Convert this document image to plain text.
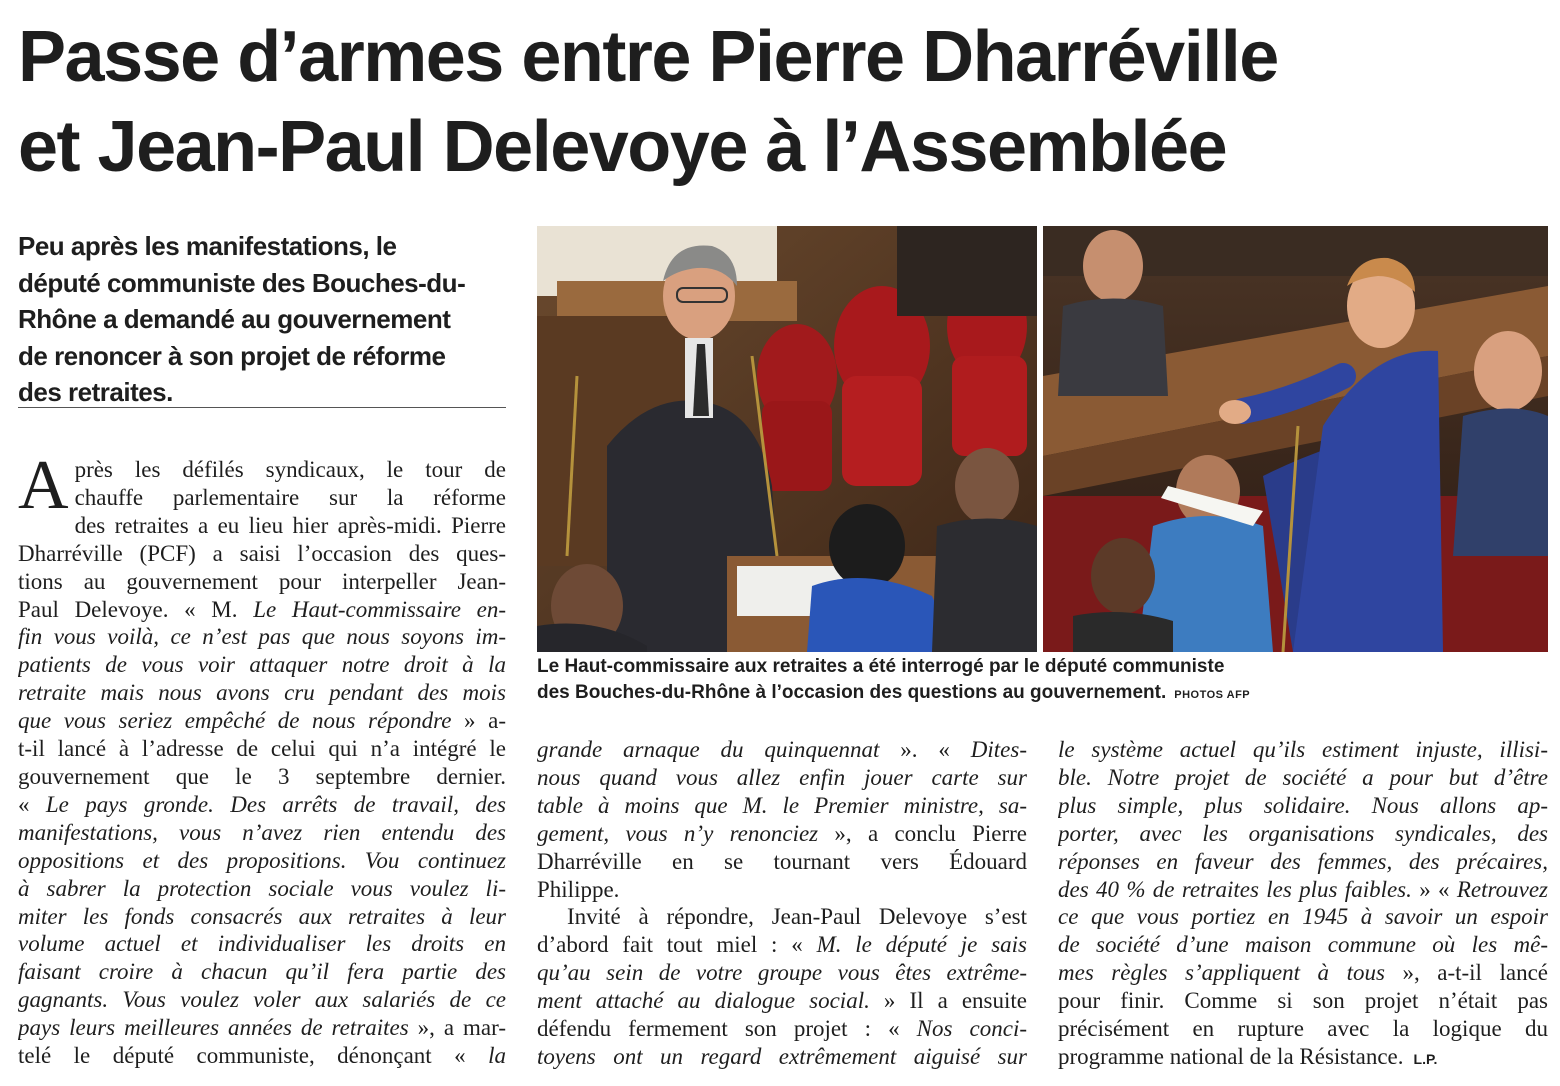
Passe d’armes entre Pierre Dharréville
et Jean-Paul Delevoye à l’Assemblée
Peu après les manifestations, le
député communiste des Bouches-du-
Rhône a demandé au gouvernement
de renoncer à son projet de réforme
des retraites.
Le Haut-commissaire aux retraites a été interrogé par le député communiste
des Bouches-du-Rhône à l’occasion des questions au gouvernement. PHOTOS AFP
A près les défilés syndicaux, le tour de
chauffe parlementaire sur la réforme
des retraites a eu lieu hier après-midi. Pierre
Dharréville (PCF) a saisi l’occasion des ques-
tions au gouvernement pour interpeller Jean-
Paul Delevoye. « M. Le Haut-commissaire en-
fin vous voilà, ce n’est pas que nous soyons im-
patients de vous voir attaquer notre droit à la
retraite mais nous avons cru pendant des mois
que vous seriez empêché de nous répondre » a-
t-il lancé à l’adresse de celui qui n’a intégré le
gouvernement que le 3 septembre dernier.
« Le pays gronde. Des arrêts de travail, des
manifestations, vous n’avez rien entendu des
oppositions et des propositions. Vou continuez
à sabrer la protection sociale vous voulez li-
miter les fonds consacrés aux retraites à leur
volume actuel et individualiser les droits en
faisant croire à chacun qu’il fera partie des
gagnants. Vous voulez voler aux salariés de ce
pays leurs meilleures années de retraites », a mar-
telé le député communiste, dénonçant « la
grande arnaque du quinquennat ». « Dites-
nous quand vous allez enfin jouer carte sur
table à moins que M. le Premier ministre, sa-
gement, vous n’y renonciez », a conclu Pierre
Dharréville en se tournant vers Édouard
Philippe.
Invité à répondre, Jean-Paul Delevoye s’est
d’abord fait tout miel : « M. le député je sais
qu’au sein de votre groupe vous êtes extrême-
ment attaché au dialogue social. » Il a ensuite
défendu fermement son projet : « Nos conci-
toyens ont un regard extrêmement aiguisé sur
le système actuel qu’ils estiment injuste, illisi-
ble. Notre projet de société a pour but d’être
plus simple, plus solidaire. Nous allons ap-
porter, avec les organisations syndicales, des
réponses en faveur des femmes, des précaires,
des 40 % de retraites les plus faibles. » « Retrouvez
ce que vous portiez en 1945 à savoir un espoir
de société d’une maison commune où les mê-
mes règles s’appliquent à tous », a-t-il lancé
pour finir. Comme si son projet n’était pas
précisément en rupture avec la logique du
programme national de la Résistance. L.P.
